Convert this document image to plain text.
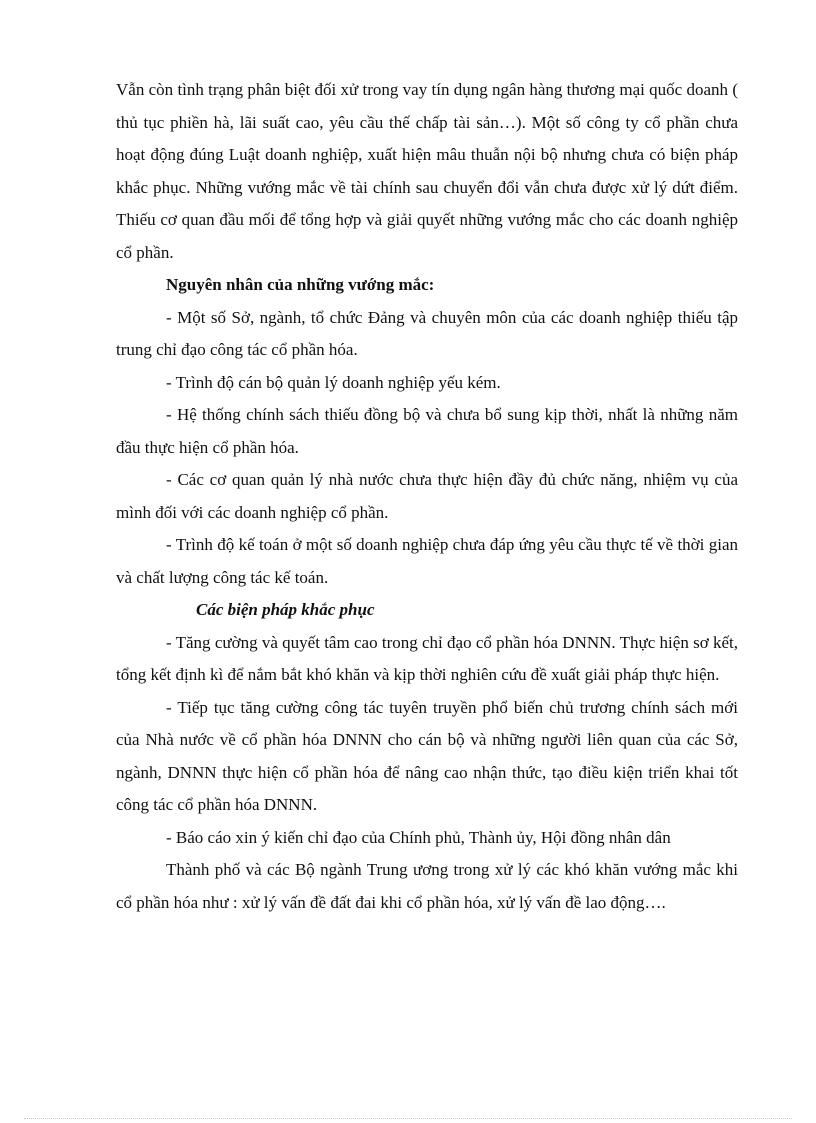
Vẫn còn tình trạng phân biệt đối xử trong vay tín dụng ngân hàng thương mại quốc doanh ( thủ tục phiền hà, lãi suất cao, yêu cầu thế chấp tài sản…). Một số công ty cổ phần chưa hoạt động đúng Luật doanh nghiệp, xuất hiện mâu thuẫn nội bộ nhưng chưa có biện pháp khắc phục. Những vướng mắc về tài chính sau chuyển đổi vẫn chưa được xử lý dứt điểm. Thiếu cơ quan đầu mối để tổng hợp và giải quyết những vướng mắc cho các doanh nghiệp cổ phần.

Nguyên nhân của những vướng mắc:

- Một số Sở, ngành, tổ chức Đảng và chuyên môn của các doanh nghiệp thiếu tập trung chỉ đạo công tác cổ phần hóa.

- Trình độ cán bộ quản lý doanh nghiệp yếu kém.

- Hệ thống chính sách thiếu đồng bộ và chưa bổ sung kịp thời, nhất là những năm đầu thực hiện cổ phần hóa.

- Các cơ quan quản lý nhà nước chưa thực hiện đầy đủ chức năng, nhiệm vụ của mình đối với các doanh nghiệp cổ phần.

- Trình độ kế toán ở một số doanh nghiệp chưa đáp ứng yêu cầu thực tế về thời gian và chất lượng công tác kế toán.

Các biện pháp khắc phục

- Tăng cường và quyết tâm cao trong chỉ đạo cổ phần hóa DNNN. Thực hiện sơ kết, tổng kết định kì để nắm bắt khó khăn và kịp thời nghiên cứu đề xuất giải pháp thực hiện.

- Tiếp tục tăng cường công tác tuyên truyền phổ biến chủ trương chính sách mới của Nhà nước về cổ phần hóa DNNN cho cán bộ và những người liên quan của các Sở, ngành, DNNN thực hiện cổ phần hóa để nâng cao nhận thức, tạo điều kiện triển khai tốt công tác cổ phần hóa DNNN.

- Báo cáo xin ý kiến chỉ đạo của Chính phủ, Thành ủy, Hội đồng nhân dân

Thành phố và các Bộ ngành Trung ương trong xử lý các khó khăn vướng mắc khi cổ phần hóa như : xử lý vấn đề đất đai khi cổ phần hóa, xử lý vấn đề lao động….
